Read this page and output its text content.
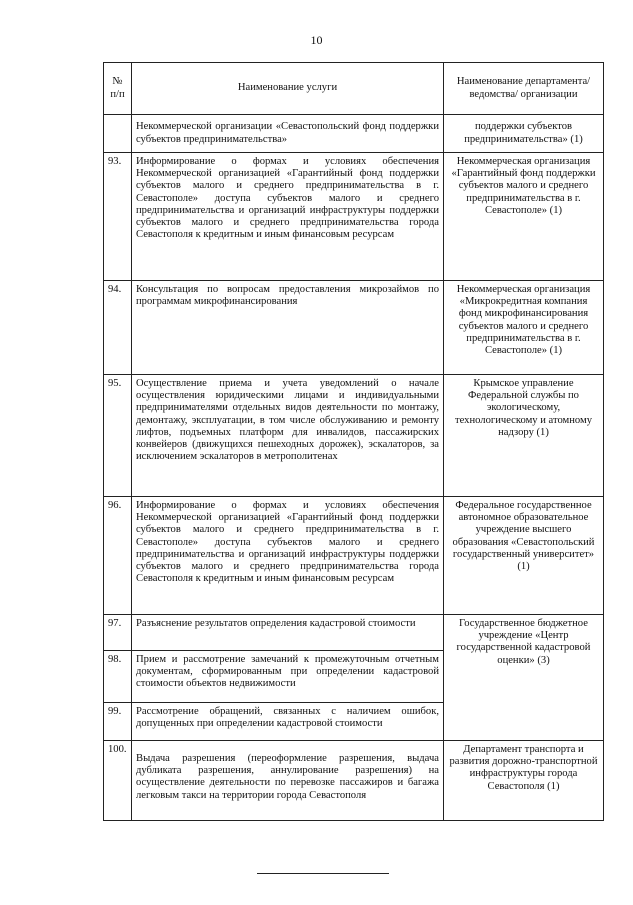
10
№ п/п	Наименование услуги	Наименование департамента/ведомства/ организации
	Некоммерческой организации «Севастопольский фонд поддержки субъектов предпринимательства»	поддержки субъектов предпринимательства» (1)
93.	Информирование о формах и условиях обеспечения Некоммерческой организацией «Гарантийный фонд поддержки субъектов малого и среднего предпринимательства в г. Севастополе» доступа субъектов малого и среднего предпринимательства и организаций инфраструктуры поддержки субъектов малого и среднего предпринимательства города Севастополя к кредитным и иным финансовым ресурсам	Некоммерческая организация «Гарантийный фонд поддержки субъектов малого и среднего предпринимательства в г. Севастополе» (1)
94.	Консультация по вопросам предоставления микрозаймов по программам микрофинансирования	Некоммерческая организация «Микрокредитная компания фонд микрофинансирования субъектов малого и среднего предпринимательства в г. Севастополе» (1)
95.	Осуществление приема и учета уведомлений о начале осуществления юридическими лицами и индивидуальными предпринимателями отдельных видов деятельности по монтажу, демонтажу, эксплуатации, в том числе обслуживанию и ремонту лифтов, подъемных платформ для инвалидов, пассажирских конвейеров (движущихся пешеходных дорожек), эскалаторов, за исключением эскалаторов в метрополитенах	Крымское управление Федеральной службы по экологическому, технологическому и атомному надзору (1)
96.	Информирование о формах и условиях обеспечения Некоммерческой организацией «Гарантийный фонд поддержки субъектов малого и среднего предпринимательства в г. Севастополе» доступа субъектов малого и среднего предпринимательства и организаций инфраструктуры поддержки субъектов малого и среднего предпринимательства города Севастополя к кредитным и иным финансовым ресурсам	Федеральное государственное автономное образовательное учреждение высшего образования «Севастопольский государственный университет» (1)
97.	Разъяснение результатов определения кадастровой стоимости	Государственное бюджетное учреждение «Центр государственной кадастровой оценки» (3)
98.	Прием и рассмотрение замечаний к промежуточным отчетным документам, сформированным при определении кадастровой стоимости объектов недвижимости	
99.	Рассмотрение обращений, связанных с наличием ошибок, допущенных при определении кадастровой стоимости	
100.	Выдача разрешения (переоформление разрешения, выдача дубликата разрешения, аннулирование разрешения) на осуществление деятельности по перевозке пассажиров и багажа легковым такси на территории города Севастополя	Департамент транспорта и развития дорожно-транспортной инфраструктуры города Севастополя (1)
